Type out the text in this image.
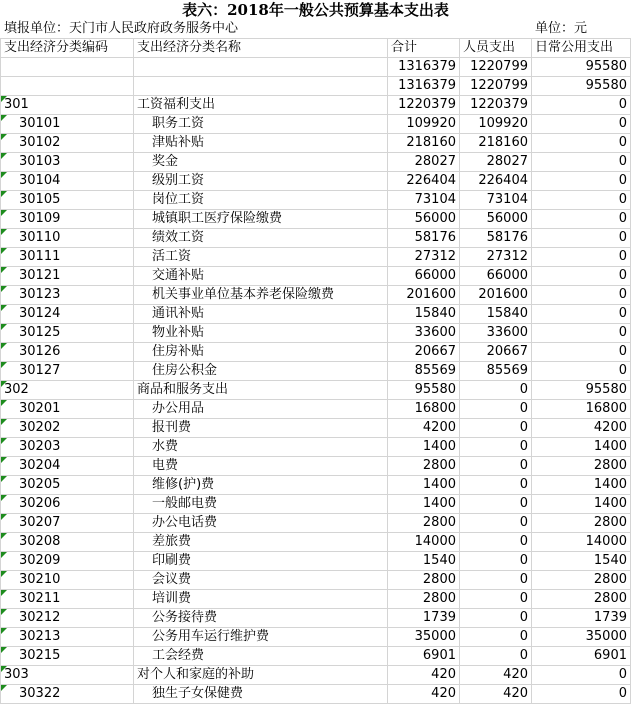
表六：2018年一般公共预算基本支出表
填报单位：天门市人民政府政务服务中心	单位：元
支出经济分类编码	支出经济分类名称	合计	人员支出	日常公用支出
		1316379	1220799	95580
		1316379	1220799	95580

301	工资福利支出	1220379	1220379	0

30101	职务工资	109920	109920	0

30102	津贴补贴	218160	218160	0

30103	奖金	28027	28027	0

30104	级别工资	226404	226404	0

30105	岗位工资	73104	73104	0

30109	城镇职工医疗保险缴费	56000	56000	0

30110	绩效工资	58176	58176	0

30111	活工资	27312	27312	0

30121	交通补贴	66000	66000	0

30123	机关事业单位基本养老保险缴费	201600	201600	0

30124	通讯补贴	15840	15840	0

30125	物业补贴	33600	33600	0

30126	住房补贴	20667	20667	0

30127	住房公积金	85569	85569	0

302	商品和服务支出	95580	0	95580

30201	办公用品	16800	0	16800

30202	报刊费	4200	0	4200

30203	水费	1400	0	1400

30204	电费	2800	0	2800

30205	维修(护)费	1400	0	1400

30206	一般邮电费	1400	0	1400

30207	办公电话费	2800	0	2800

30208	差旅费	14000	0	14000

30209	印刷费	1540	0	1540

30210	会议费	2800	0	2800

30211	培训费	2800	0	2800

30212	公务接待费	1739	0	1739

30213	公务用车运行维护费	35000	0	35000

30215	工会经费	6901	0	6901

303	对个人和家庭的补助	420	420	0

30322	独生子女保健费	420	420	0
